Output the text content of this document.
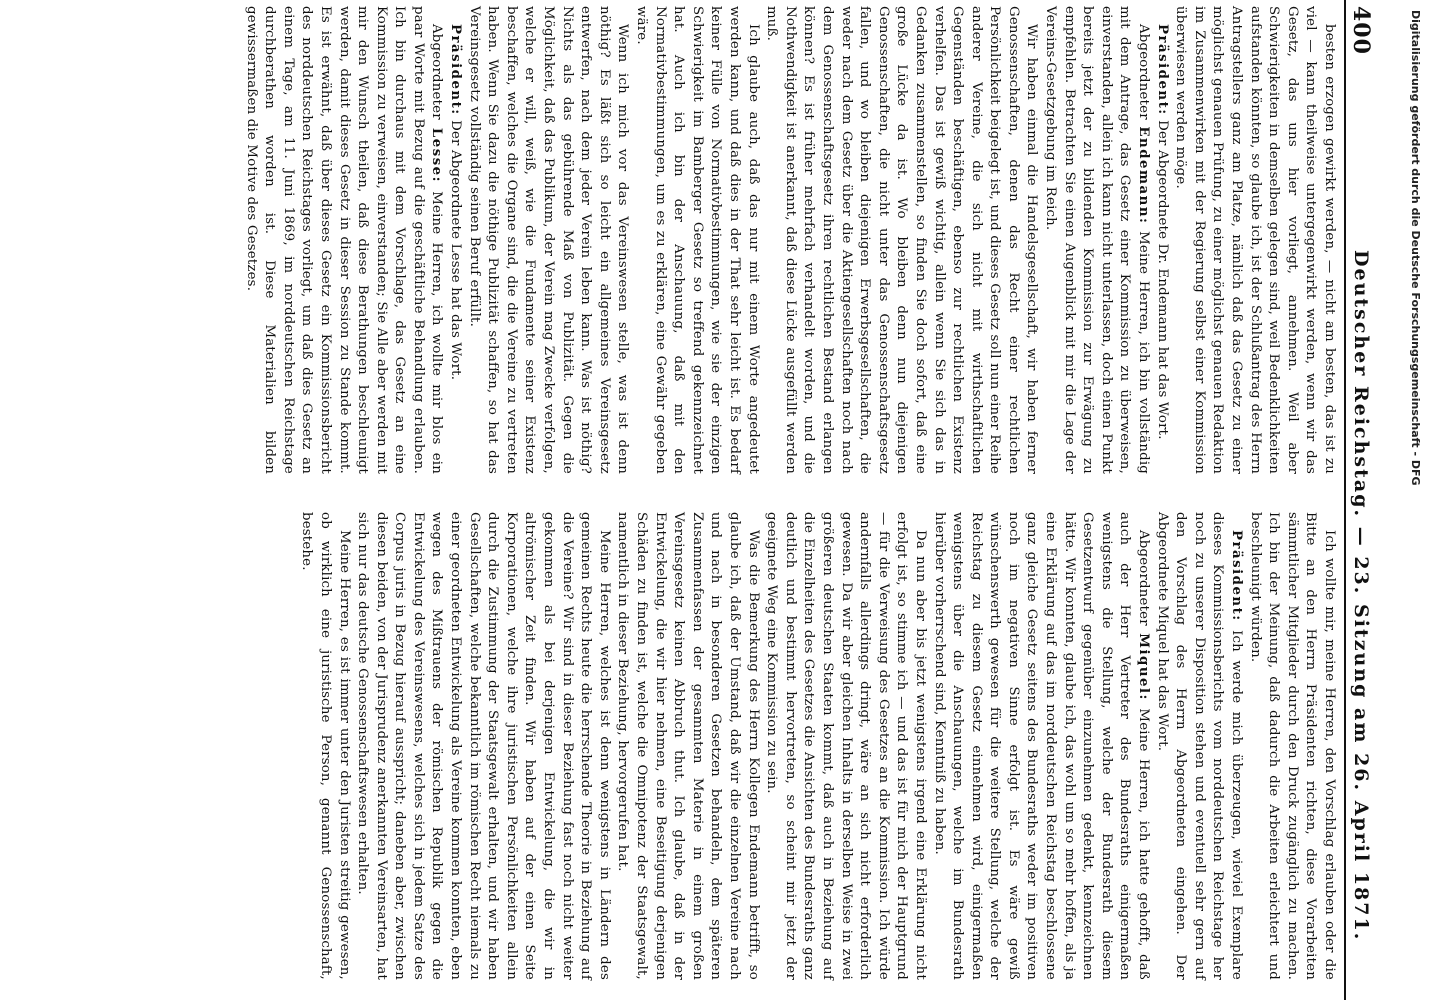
400
Deutscher Reichstag. — 23. Sitzung am 26. April 1871.

besten erzogen gewirkt werden, — nicht am besten, das ist zu viel — kann theilweise untergegenwirkt werden, wenn wir das Gesetz, das uns hier vorliegt, annehmen. Weil aber Schwierigkeiten in demselben gelegen sind, weil Bedenklichkeiten aufstanden könnten, so glaube ich, ist der Schlußantrag des Herrn Antragstellers ganz am Platze, nämlich daß das Gesetz zu einer möglichst genauen Prüfung, zu einer möglichst genauen Redaktion im Zusammenwirken mit der Regierung selbst einer Kommission überwiesen werden möge.

Präsident: Der Abgeordnete Dr. Endemann hat das Wort.

Abgeordneter Endemann: Meine Herren, ich bin vollständig mit dem Antrage, das Gesetz einer Kommission zu überweisen, einverstanden, allein ich kann nicht unterlassen, doch einen Punkt bereits jetzt der zu bildenden Kommission zur Erwägung zu empfehlen. Betrachten Sie einen Augenblick mit mir die Lage der Vereins-Gesetzgebung im Reich.

Wir haben einmal die Handelsgesellschaft, wir haben ferner Genossenschaften, denen das Recht einer rechtlichen Persönlichkeit beigelegt ist, und dieses Gesetz soll nun einer Reihe anderer Vereine, die sich nicht mit wirthschaftlichen Gegenständen beschäftigen, ebenso zur rechtlichen Existenz verhelfen. Das ist gewiß wichtig, allein wenn Sie sich das in Gedanken zusammenstellen, so finden Sie doch sofort, daß eine große Lücke da ist. Wo bleiben denn nun diejenigen Genossenschaften, die nicht unter das Genossenschaftsgesetz fallen, und wo bleiben diejenigen Erwerbsgesellschaften, die weder nach dem Gesetz über die Aktiengesellschaften noch nach dem Genossenschaftsgesetz ihren rechtlichen Bestand erlangen können? Es ist früher mehrfach verhandelt worden, und die Nothwendigkeit ist anerkannt, daß diese Lücke ausgefüllt werden muß.

Ich glaube auch, daß das nur mit einem Worte angedeutet werden kann, und daß dies in der That sehr leicht ist. Es bedarf keiner Fülle von Normativbestimmungen, wie sie der einzigen Schwierigkeit im Bamberger Gesetz so treffend gekennzeichnet hat. Auch ich bin der Anschauung, daß mit den Normativbestimmungen, um es zu erklären, eine Gewähr gegeben wäre.

Wenn ich mich vor das Vereinswesen stelle, was ist denn nöthig? Es läßt sich so leicht ein allgemeines Vereinsgesetz entwerfen, nach dem jeder Verein leben kann. Was ist nöthig? Nichts als das gebührende Maß von Publizität. Gegen die Möglichkeit, daß das Publikum, der Verein mag Zwecke verfolgen, welche er will, weiß, wie die Fundamente seiner Existenz beschaffen, welches die Organe sind, die die Vereine zu vertreten haben. Wenn Sie dazu die nöthige Publizität schaffen, so hat das Vereinsgesetz vollständig seinen Beruf erfüllt.

Präsident: Der Abgeordnete Lesse hat das Wort.

Abgeordneter Lesse: Meine Herren, ich wollte mir blos ein paar Worte mit Bezug auf die geschäftliche Behandlung erlauben. Ich bin durchaus mit dem Vorschlage, das Gesetz an eine Kommission zu verweisen, einverstanden; Sie Alle aber werden mit mir den Wunsch theilen, daß diese Berathungen beschleunigt werden, damit dieses Gesetz in dieser Session zu Stande kommt. Es ist erwähnt, daß über dieses Gesetz ein Kommissionsbericht des norddeutschen Reichstages vorliegt, um daß dies Gesetz an einem Tage, am 11. Juni 1869, im norddeutschen Reichstage durchberathen worden ist. Diese Materialien bilden gewissermaßen die Motive des Gesetzes.

Ich wollte mir, meine Herren, den Vorschlag erlauben oder die Bitte an den Herrn Präsidenten richten, diese Vorarbeiten sämmtlicher Mitglieder durch den Druck zugänglich zu machen. Ich bin der Meinung, daß dadurch die Arbeiten erleichtert und beschleunigt würden.

Präsident: Ich werde mich überzeugen, wieviel Exemplare dieses Kommissionsberichts vom norddeutschen Reichstage her noch zu unserer Disposition stehen und eventuell sehr gern auf den Vorschlag des Herrn Abgeordneten eingehen. Der Abgeordnete Miquel hat das Wort.

Abgeordneter Miquel: Meine Herren, ich hatte gehofft, daß auch der Herr Vertreter des Bundesraths einigermaßen wenigstens die Stellung, welche der Bundesrath diesem Gesetzentwurf gegenüber einzunehmen gedenkt, kennzeichnen hätte. Wir konnten, glaube ich, das wohl um so mehr hoffen, als ja eine Erklärung auf das im norddeutschen Reichstag beschlossene ganz gleiche Gesetz seitens des Bundesraths weder im positiven noch im negativen Sinne erfolgt ist. Es wäre gewiß wünschenswerth gewesen für die weitere Stellung, welche der Reichstag zu diesem Gesetz einnehmen wird, einigermaßen wenigstens über die Anschauungen, welche im Bundesrath hierüber vorherrschend sind, Kenntniß zu haben.

Da nun aber bis jetzt wenigstens irgend eine Erklärung nicht erfolgt ist, so stimme ich — und das ist für mich der Hauptgrund — für die Verweisung des Gesetzes an die Kommission. Ich würde andernfalls allerdings dringt, wäre an sich nicht erforderlich gewesen. Da wir aber gleichen Inhalts in derselben Weise in zwei größeren deutschen Staaten kommt, daß auch in Beziehung auf die Einzelheiten des Gesetzes die Ansichten des Bundesraths ganz deutlich und bestimmt hervortreten, so scheint mir jetzt der geeignete Weg eine Kommission zu sein.

Was die Bemerkung des Herrn Kollegen Endemann betrifft, so glaube ich, daß der Umstand, daß wir die einzelnen Vereine nach und nach in besonderen Gesetzen behandeln, dem späteren Zusammenfassen der gesammten Materie in einem großen Vereinsgesetz keinen Abbruch thut. Ich glaube, daß in der Entwickelung, die wir hier nehmen, eine Beseitigung derjenigen Schäden zu finden ist, welche die Omnipotenz der Staatsgewalt, namentlich in dieser Beziehung, hervorgerufen hat.

Meine Herren, welches ist denn wenigstens in Ländern des gemeinen Rechts heute die herrschende Theorie in Beziehung auf die Vereine? Wir sind in dieser Beziehung fast noch nicht weiter gekommen als bei derjenigen Entwickelung, die wir in altrömischer Zeit finden. Wir haben auf der einen Seite Korporationen, welche ihre juristischen Persönlichkeiten allein durch die Zustimmung der Staatsgewalt erhalten, und wir haben Gesellschaften, welche bekanntlich im römischen Recht niemals zu einer geordneten Entwickelung als Vereine kommen konnten, eben wegen des Mißtrauens der römischen Republik gegen die Entwickelung des Vereinswesens, welches sich in jedem Satze des Corpus juris in Bezug hierauf ausspricht; daneben aber, zwischen diesen beiden, von der Jurisprudenz anerkannten Vereinsarten, hat sich nur das deutsche Genossenschaftswesen erhalten.

Meine Herren, es ist immer unter den Juristen streitig gewesen, ob wirklich eine juristische Person, genannt Genossenschaft, bestehe.

Digitalisierung gefördert durch die Deutsche Forschungsgemeinschaft - DFG
